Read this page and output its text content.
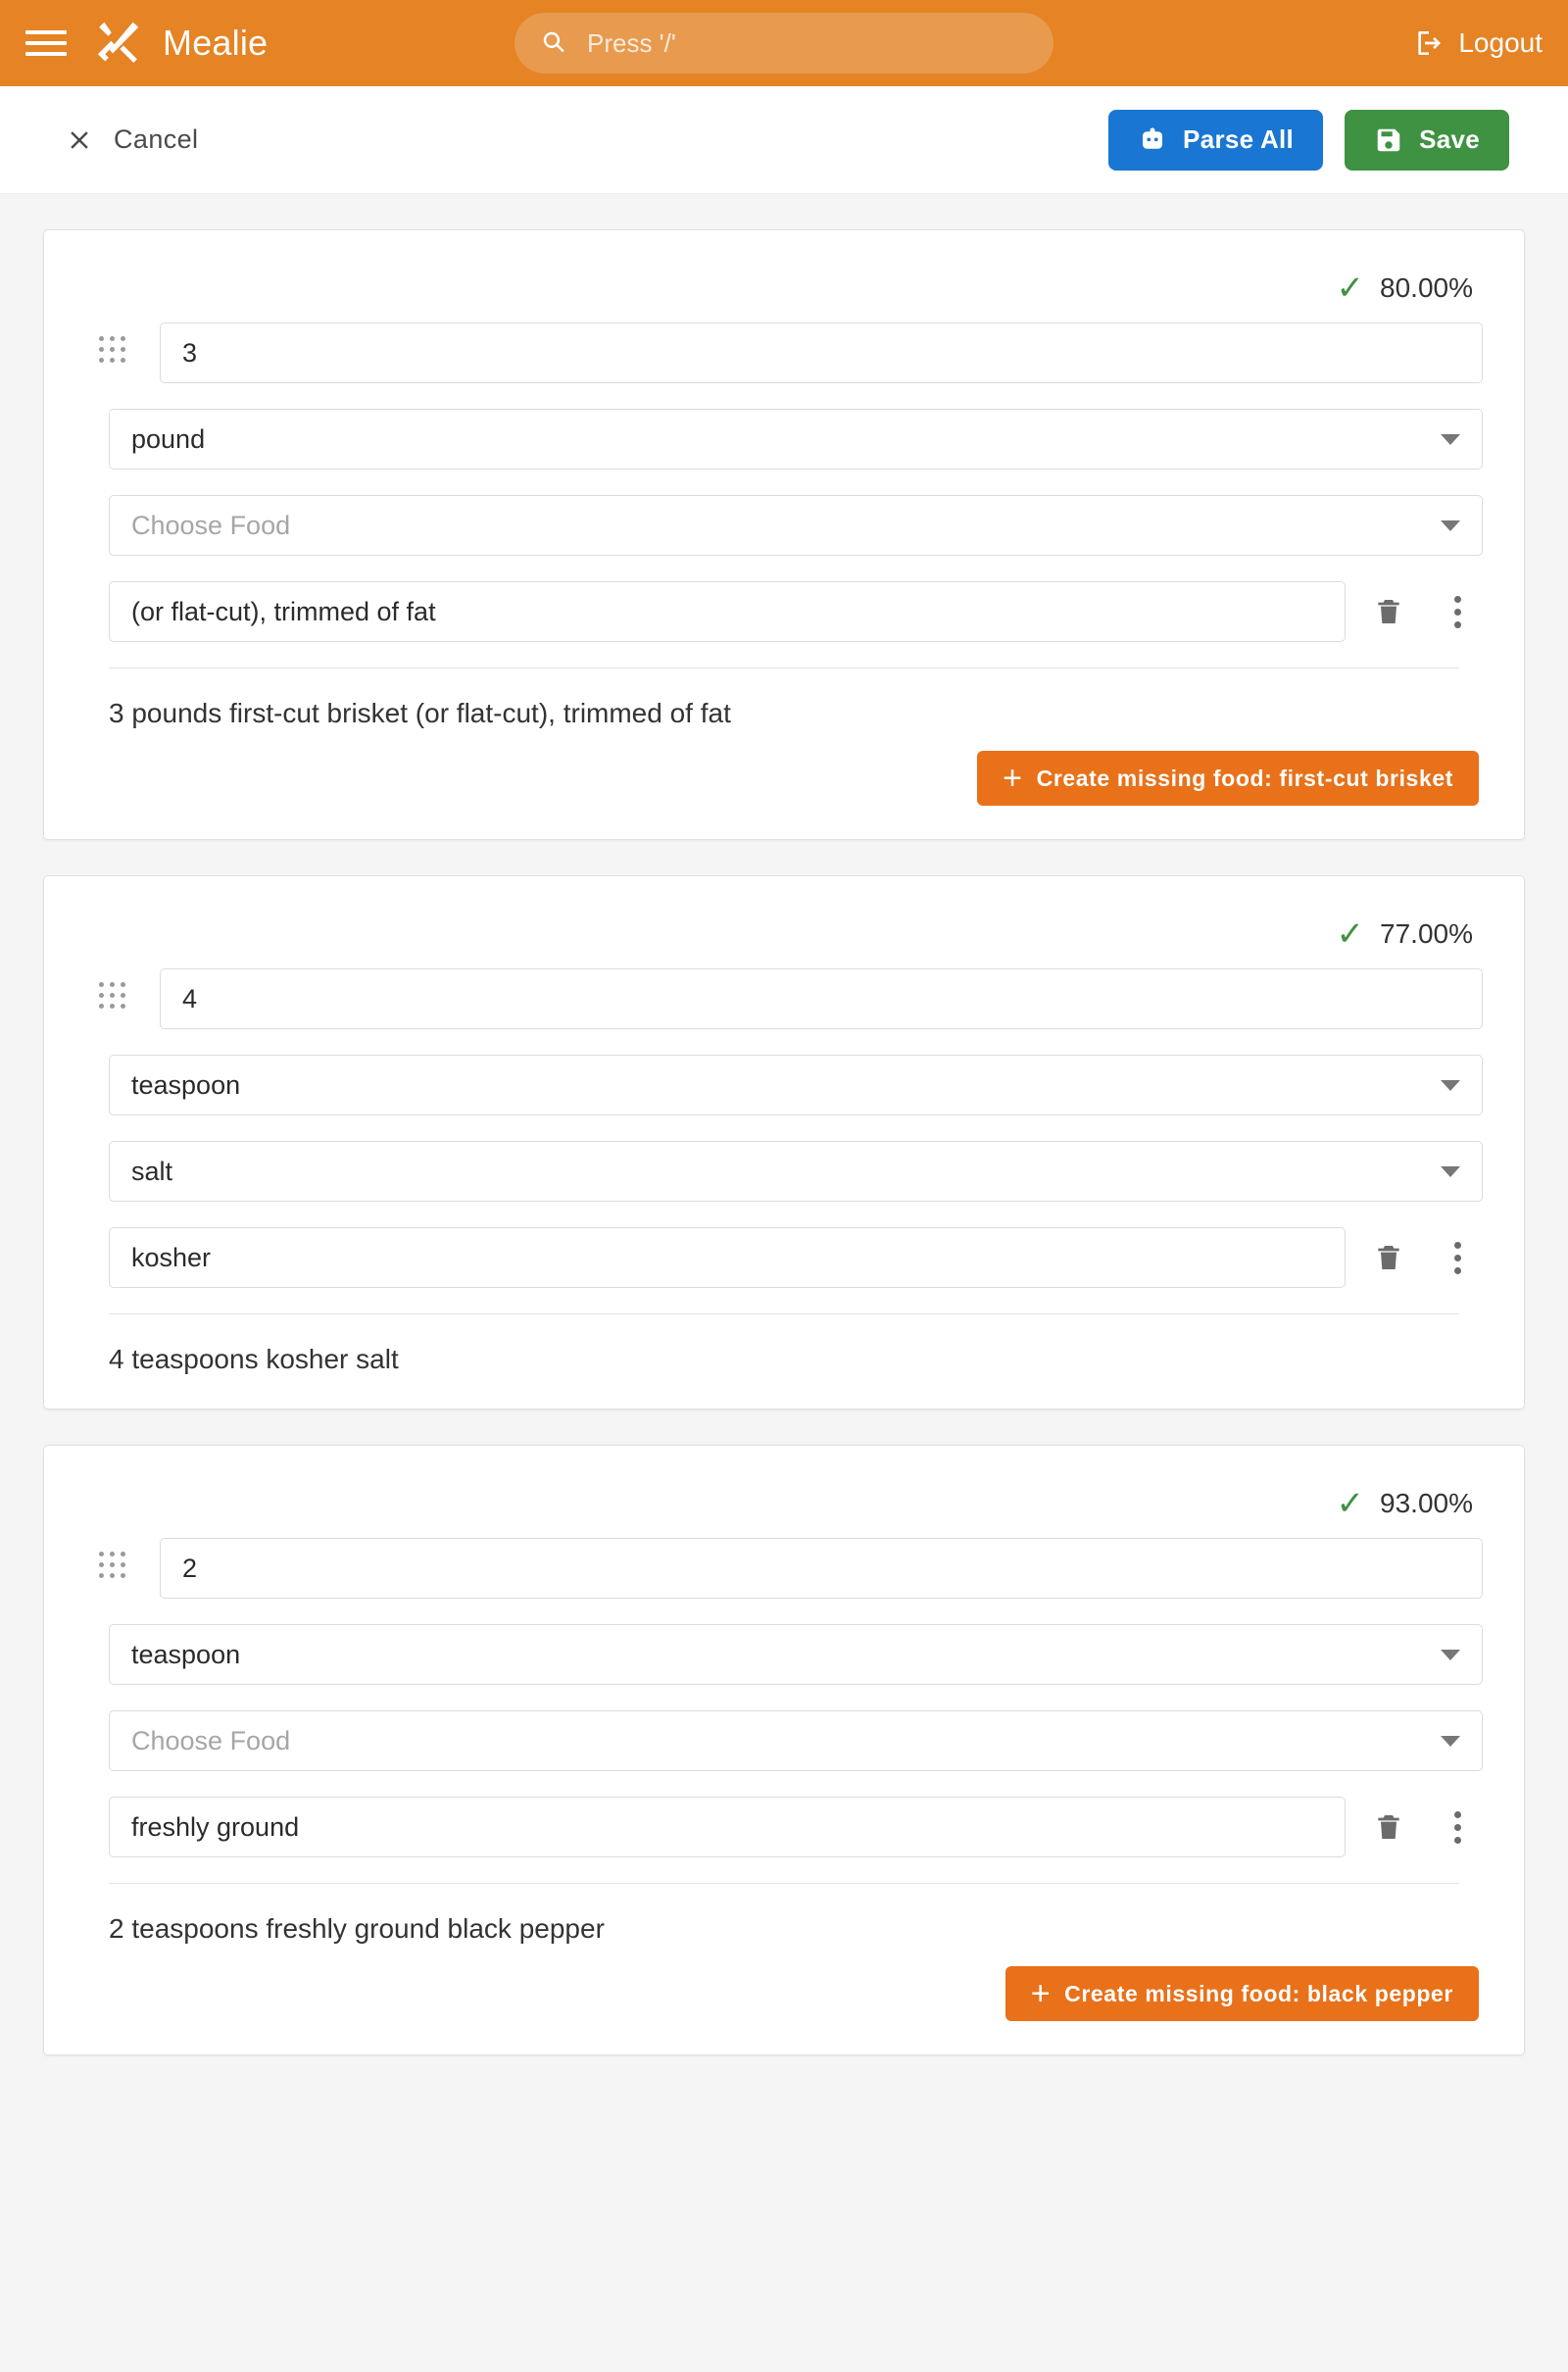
Mealie
Press '/'	Logout
Cancel	Parse All	Save
✓ 80.00%
3
pound
Choose Food
(or flat-cut), trimmed of fat
3 pounds first-cut brisket (or flat-cut), trimmed of fat
+ Create missing food: first-cut brisket
✓ 77.00%
4
teaspoon
salt
kosher
4 teaspoons kosher salt
✓ 93.00%
2
teaspoon
Choose Food
freshly ground
2 teaspoons freshly ground black pepper
+ Create missing food: black pepper
